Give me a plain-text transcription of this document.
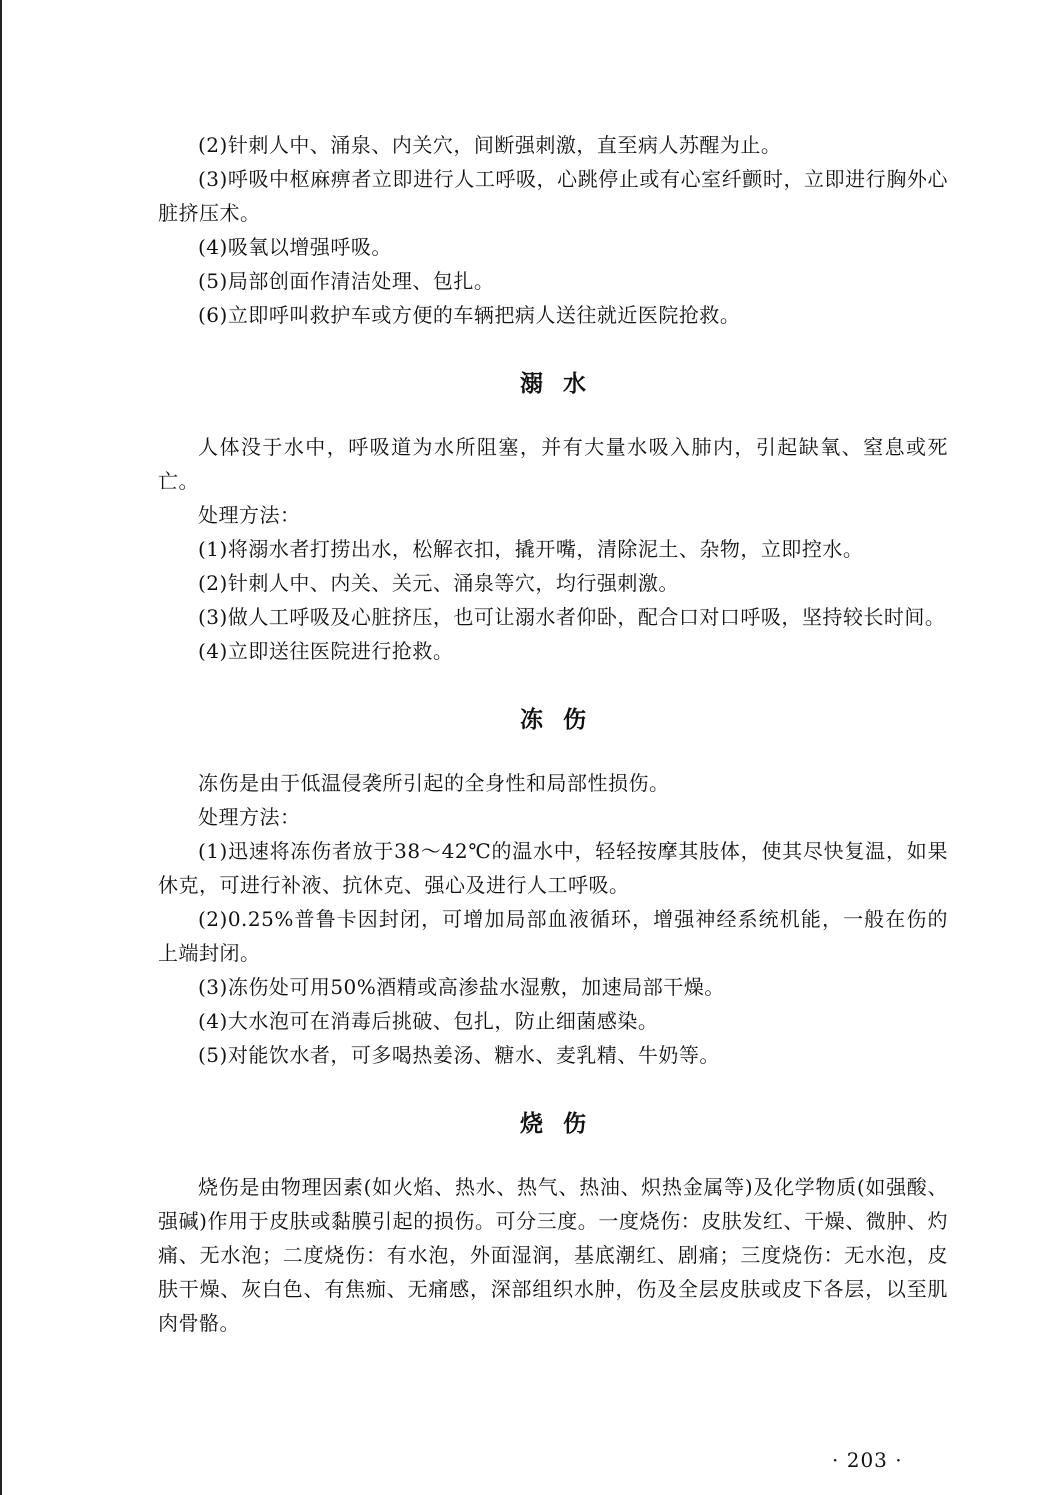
(2)针刺人中、涌泉、内关穴，间断强刺激，直至病人苏醒为止。

(3)呼吸中枢麻痹者立即进行人工呼吸，心跳停止或有心室纤颤时，立即进行胸外心脏挤压术。

(4)吸氧以增强呼吸。

(5)局部创面作清洁处理、包扎。

(6)立即呼叫救护车或方便的车辆把病人送往就近医院抢救。

溺水

人体没于水中，呼吸道为水所阻塞，并有大量水吸入肺内，引起缺氧、窒息或死亡。

处理方法：

(1)将溺水者打捞出水，松解衣扣，撬开嘴，清除泥土、杂物，立即控水。

(2)针刺人中、内关、关元、涌泉等穴，均行强刺激。

(3)做人工呼吸及心脏挤压，也可让溺水者仰卧，配合口对口呼吸，坚持较长时间。

(4)立即送往医院进行抢救。

冻伤

冻伤是由于低温侵袭所引起的全身性和局部性损伤。

处理方法：

(1)迅速将冻伤者放于38～42℃的温水中，轻轻按摩其肢体，使其尽快复温，如果休克，可进行补液、抗休克、强心及进行人工呼吸。

(2)0.25%普鲁卡因封闭，可增加局部血液循环，增强神经系统机能，一般在伤的上端封闭。

(3)冻伤处可用50%酒精或高渗盐水湿敷，加速局部干燥。

(4)大水泡可在消毒后挑破、包扎，防止细菌感染。

(5)对能饮水者，可多喝热姜汤、糖水、麦乳精、牛奶等。

烧伤

烧伤是由物理因素(如火焰、热水、热气、热油、炽热金属等)及化学物质(如强酸、强碱)作用于皮肤或黏膜引起的损伤。可分三度。一度烧伤：皮肤发红、干燥、微肿、灼痛、无水泡；二度烧伤：有水泡，外面湿润，基底潮红、剧痛；三度烧伤：无水泡，皮肤干燥、灰白色、有焦痂、无痛感，深部组织水肿，伤及全层皮肤或皮下各层，以至肌肉骨骼。

· 203 ·
